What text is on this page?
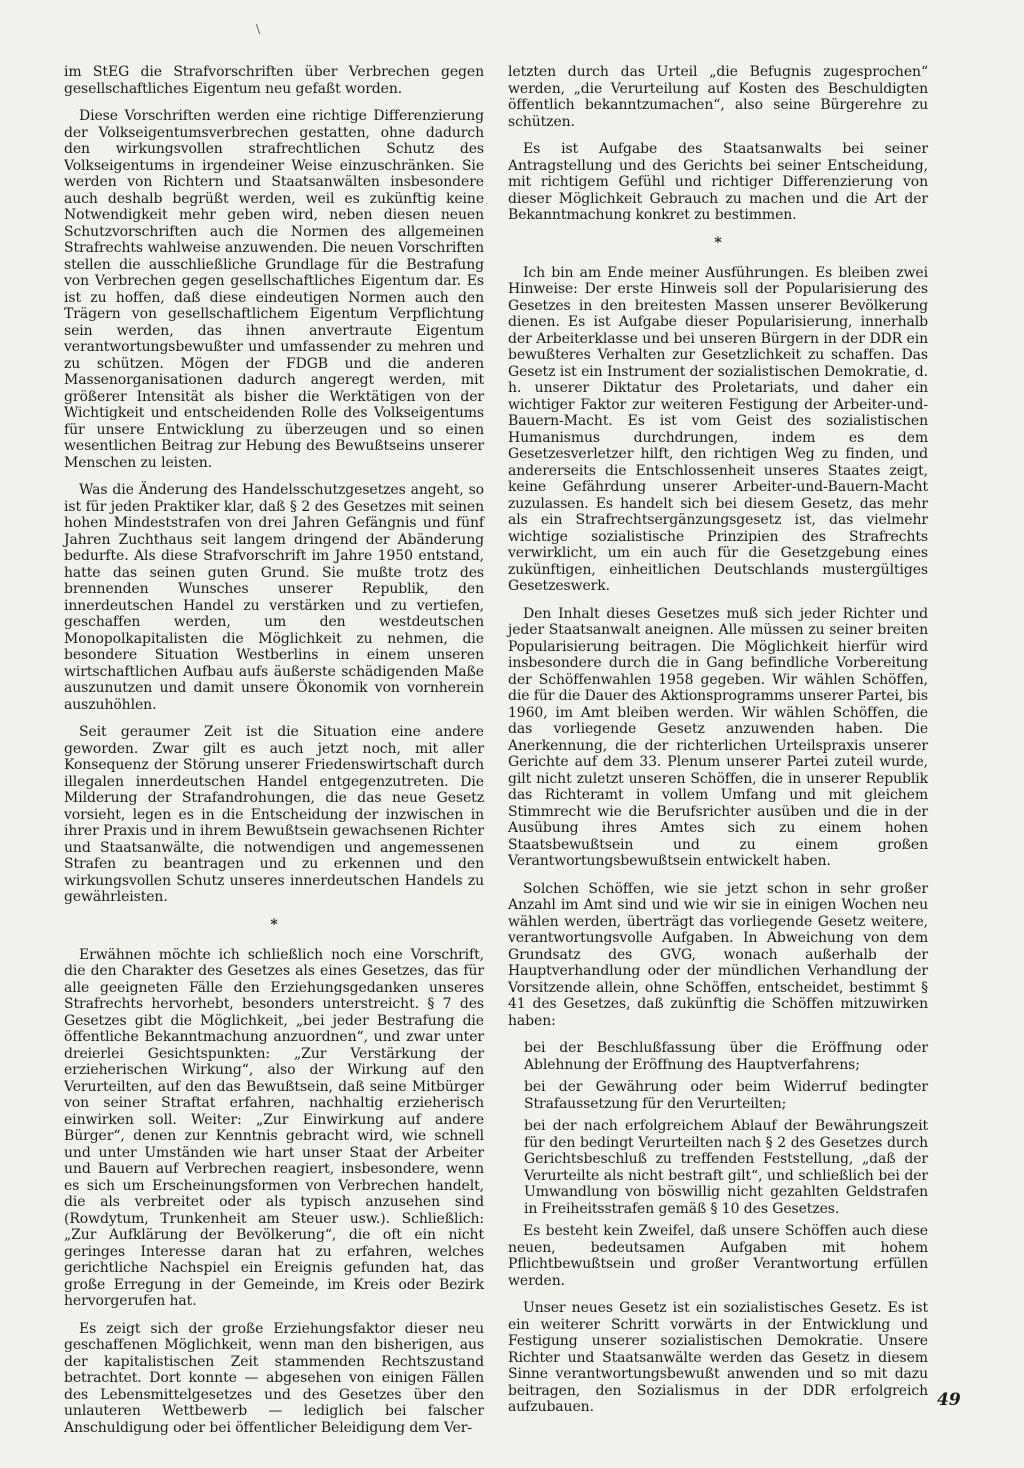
\

im StEG die Strafvorschriften über Verbrechen gegen gesellschaftliches Eigentum neu gefaßt worden.

Diese Vorschriften werden eine richtige Differenzierung der Volkseigentumsverbrechen gestatten, ohne dadurch den wirkungsvollen strafrechtlichen Schutz des Volkseigentums in irgendeiner Weise einzuschränken. Sie werden von Richtern und Staatsanwälten insbesondere auch deshalb begrüßt werden, weil es zukünftig keine Notwendigkeit mehr geben wird, neben diesen neuen Schutzvorschriften auch die Normen des allgemeinen Strafrechts wahlweise anzuwenden. Die neuen Vorschriften stellen die ausschließliche Grundlage für die Bestrafung von Verbrechen gegen gesellschaftliches Eigentum dar. Es ist zu hoffen, daß diese eindeutigen Normen auch den Trägern von gesellschaftlichem Eigentum Verpflichtung sein werden, das ihnen anvertraute Eigentum verantwortungsbewußter und umfassender zu mehren und zu schützen. Mögen der FDGB und die anderen Massenorganisationen dadurch angeregt werden, mit größerer Intensität als bisher die Werktätigen von der Wichtigkeit und entscheidenden Rolle des Volkseigentums für unsere Entwicklung zu überzeugen und so einen wesentlichen Beitrag zur Hebung des Bewußtseins unserer Menschen zu leisten.

Was die Änderung des Handelsschutzgesetzes angeht, so ist für jeden Praktiker klar, daß § 2 des Gesetzes mit seinen hohen Mindeststrafen von drei Jahren Gefängnis und fünf Jahren Zuchthaus seit langem dringend der Abänderung bedurfte. Als diese Strafvorschrift im Jahre 1950 entstand, hatte das seinen guten Grund. Sie mußte trotz des brennenden Wunsches unserer Republik, den innerdeutschen Handel zu verstärken und zu vertiefen, geschaffen werden, um den westdeutschen Monopolkapitalisten die Möglichkeit zu nehmen, die besondere Situation Westberlins in einem unseren wirtschaftlichen Aufbau aufs äußerste schädigenden Maße auszunutzen und damit unsere Ökonomik von vornherein auszuhöhlen.

Seit geraumer Zeit ist die Situation eine andere geworden. Zwar gilt es auch jetzt noch, mit aller Konsequenz der Störung unserer Friedenswirtschaft durch illegalen innerdeutschen Handel entgegenzutreten. Die Milderung der Strafandrohungen, die das neue Gesetz vorsieht, legen es in die Entscheidung der inzwischen in ihrer Praxis und in ihrem Bewußtsein gewachsenen Richter und Staatsanwälte, die notwendigen und angemessenen Strafen zu beantragen und zu erkennen und den wirkungsvollen Schutz unseres innerdeutschen Handels zu gewährleisten.

*

Erwähnen möchte ich schließlich noch eine Vorschrift, die den Charakter des Gesetzes als eines Gesetzes, das für alle geeigneten Fälle den Erziehungsgedanken unseres Strafrechts hervorhebt, besonders unterstreicht. § 7 des Gesetzes gibt die Möglichkeit, „bei jeder Bestrafung die öffentliche Bekanntmachung anzuordnen“, und zwar unter dreierlei Gesichtspunkten: „Zur Verstärkung der erzieherischen Wirkung“, also der Wirkung auf den Verurteilten, auf den das Bewußtsein, daß seine Mitbürger von seiner Straftat erfahren, nachhaltig erzieherisch einwirken soll. Weiter: „Zur Einwirkung auf andere Bürger“, denen zur Kenntnis gebracht wird, wie schnell und unter Umständen wie hart unser Staat der Arbeiter und Bauern auf Verbrechen reagiert, insbesondere, wenn es sich um Erscheinungsformen von Verbrechen handelt, die als verbreitet oder als typisch anzusehen sind (Rowdytum, Trunkenheit am Steuer usw.). Schließlich: „Zur Aufklärung der Bevölkerung“, die oft ein nicht geringes Interesse daran hat zu erfahren, welches gerichtliche Nachspiel ein Ereignis gefunden hat, das große Erregung in der Gemeinde, im Kreis oder Bezirk hervorgerufen hat.

Es zeigt sich der große Erziehungsfaktor dieser neu geschaffenen Möglichkeit, wenn man den bisherigen, aus der kapitalistischen Zeit stammenden Rechtszustand betrachtet. Dort konnte — abgesehen von einigen Fällen des Lebensmittelgesetzes und des Gesetzes über den unlauteren Wettbewerb — lediglich bei falscher Anschuldigung oder bei öffentlicher Beleidigung dem Ver-

letzten durch das Urteil „die Befugnis zugesprochen“ werden, „die Verurteilung auf Kosten des Beschuldigten öffentlich bekanntzumachen“, also seine Bürgerehre zu schützen.

Es ist Aufgabe des Staatsanwalts bei seiner Antragstellung und des Gerichts bei seiner Entscheidung, mit richtigem Gefühl und richtiger Differenzierung von dieser Möglichkeit Gebrauch zu machen und die Art der Bekanntmachung konkret zu bestimmen.

*

Ich bin am Ende meiner Ausführungen. Es bleiben zwei Hinweise: Der erste Hinweis soll der Popularisierung des Gesetzes in den breitesten Massen unserer Bevölkerung dienen. Es ist Aufgabe dieser Popularisierung, innerhalb der Arbeiterklasse und bei unseren Bürgern in der DDR ein bewußteres Verhalten zur Gesetzlichkeit zu schaffen. Das Gesetz ist ein Instrument der sozialistischen Demokratie, d. h. unserer Diktatur des Proletariats, und daher ein wichtiger Faktor zur weiteren Festigung der Arbeiter-und-Bauern-Macht. Es ist vom Geist des sozialistischen Humanismus durchdrungen, indem es dem Gesetzesverletzer hilft, den richtigen Weg zu finden, und andererseits die Entschlossenheit unseres Staates zeigt, keine Gefährdung unserer Arbeiter-und-Bauern-Macht zuzulassen. Es handelt sich bei diesem Gesetz, das mehr als ein Strafrechtsergänzungsgesetz ist, das vielmehr wichtige sozialistische Prinzipien des Strafrechts verwirklicht, um ein auch für die Gesetzgebung eines zukünftigen, einheitlichen Deutschlands mustergültiges Gesetzeswerk.

Den Inhalt dieses Gesetzes muß sich jeder Richter und jeder Staatsanwalt aneignen. Alle müssen zu seiner breiten Popularisierung beitragen. Die Möglichkeit hierfür wird insbesondere durch die in Gang befindliche Vorbereitung der Schöffenwahlen 1958 gegeben. Wir wählen Schöffen, die für die Dauer des Aktionsprogramms unserer Partei, bis 1960, im Amt bleiben werden. Wir wählen Schöffen, die das vorliegende Gesetz anzuwenden haben. Die Anerkennung, die der richterlichen Urteilspraxis unserer Gerichte auf dem 33. Plenum unserer Partei zuteil wurde, gilt nicht zuletzt unseren Schöffen, die in unserer Republik das Richteramt in vollem Umfang und mit gleichem Stimmrecht wie die Berufsrichter ausüben und die in der Ausübung ihres Amtes sich zu einem hohen Staatsbewußtsein und zu einem großen Verantwortungsbewußtsein entwickelt haben.

Solchen Schöffen, wie sie jetzt schon in sehr großer Anzahl im Amt sind und wie wir sie in einigen Wochen neu wählen werden, überträgt das vorliegende Gesetz weitere, verantwortungsvolle Aufgaben. In Abweichung von dem Grundsatz des GVG, wonach außerhalb der Hauptverhandlung oder der mündlichen Verhandlung der Vorsitzende allein, ohne Schöffen, entscheidet, bestimmt § 41 des Gesetzes, daß zukünftig die Schöffen mitzuwirken haben:

bei der Beschlußfassung über die Eröffnung oder Ablehnung der Eröffnung des Hauptverfahrens;

bei der Gewährung oder beim Widerruf bedingter Strafaussetzung für den Verurteilten;

bei der nach erfolgreichem Ablauf der Bewährungszeit für den bedingt Verurteilten nach § 2 des Gesetzes durch Gerichtsbeschluß zu treffenden Feststellung, „daß der Verurteilte als nicht bestraft gilt“, und schließlich bei der Umwandlung von böswillig nicht gezahlten Geldstrafen in Freiheitsstrafen gemäß § 10 des Gesetzes.

Es besteht kein Zweifel, daß unsere Schöffen auch diese neuen, bedeutsamen Aufgaben mit hohem Pflichtbewußtsein und großer Verantwortung erfüllen werden.

Unser neues Gesetz ist ein sozialistisches Gesetz. Es ist ein weiterer Schritt vorwärts in der Entwicklung und Festigung unserer sozialistischen Demokratie. Unsere Richter und Staatsanwälte werden das Gesetz in diesem Sinne verantwortungsbewußt anwenden und so mit dazu beitragen, den Sozialismus in der DDR erfolgreich aufzubauen.	49
